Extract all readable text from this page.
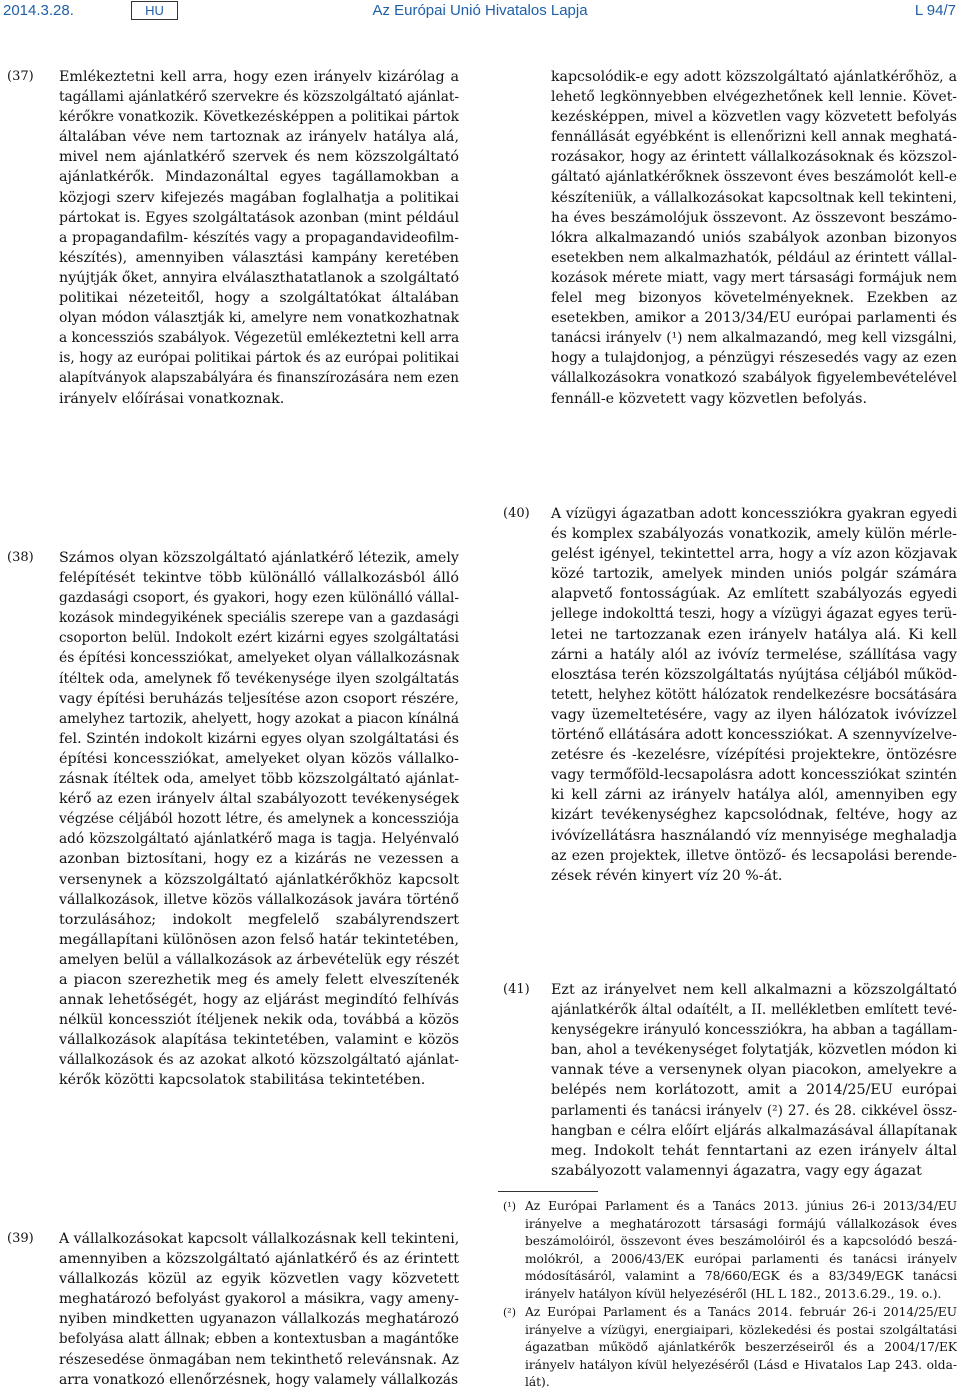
2014.3.28.	HU	Az Európai Unió Hivatalos Lapja	L 94/7
(37) Emlékeztetni kell arra, hogy ezen irányelv kizárólag a
tagállami ajánlatkérő szervekre és közszolgáltató ajánlat-
kérőkre vonatkozik. Következésképpen a politikai pártok
általában véve nem tartoznak az irányelv hatálya alá,
mivel nem ajánlatkérő szervek és nem közszolgáltató
ajánlatkérők. Mindazonáltal egyes tagállamokban a
közjogi szerv kifejezés magában foglalhatja a politikai
pártokat is. Egyes szolgáltatások azonban (mint például
a propagandafilm- készítés vagy a propagandavideofilm-
készítés), amennyiben választási kampány keretében
nyújtják őket, annyira elválaszthatatlanok a szolgáltató
politikai nézeteitől, hogy a szolgáltatókat általában
olyan módon választják ki, amelyre nem vonatkozhatnak
a koncessziós szabályok. Végezetül emlékeztetni kell arra
is, hogy az európai politikai pártok és az európai politikai
alapítványok alapszabályára és finanszírozására nem ezen
irányelv előírásai vonatkoznak.
(38) Számos olyan közszolgáltató ajánlatkérő létezik, amely
felépítését tekintve több különálló vállalkozásból álló
gazdasági csoport, és gyakori, hogy ezen különálló vállal-
kozások mindegyikének speciális szerepe van a gazdasági
csoporton belül. Indokolt ezért kizárni egyes szolgáltatási
és építési koncessziókat, amelyeket olyan vállalkozásnak
ítéltek oda, amelynek fő tevékenysége ilyen szolgáltatás
vagy építési beruházás teljesítése azon csoport részére,
amelyhez tartozik, ahelyett, hogy azokat a piacon kínálná
fel. Szintén indokolt kizárni egyes olyan szolgáltatási és
építési koncessziókat, amelyeket olyan közös vállalko-
zásnak ítéltek oda, amelyet több közszolgáltató ajánlat-
kérő az ezen irányelv által szabályozott tevékenységek
végzése céljából hozott létre, és amelynek a koncessziója
adó közszolgáltató ajánlatkérő maga is tagja. Helyénvaló
azonban biztosítani, hogy ez a kizárás ne vezessen a
versenynek a közszolgáltató ajánlatkérőkhöz kapcsolt
vállalkozások, illetve közös vállalkozások javára történő
torzulásához; indokolt megfelelő szabályrendszert
megállapítani különösen azon felső határ tekintetében,
amelyen belül a vállalkozások az árbevételük egy részét
a piacon szerezhetik meg és amely felett elveszítenék
annak lehetőségét, hogy az eljárást megindító felhívás
nélkül koncessziót ítéljenek nekik oda, továbbá a közös
vállalkozások alapítása tekintetében, valamint e közös
vállalkozások és az azokat alkotó közszolgáltató ajánlat-
kérők közötti kapcsolatok stabilitása tekintetében.
(39) A vállalkozásokat kapcsolt vállalkozásnak kell tekinteni,
amennyiben a közszolgáltató ajánlatkérő és az érintett
vállalkozás közül az egyik közvetlen vagy közvetett
meghatározó befolyást gyakorol a másikra, vagy ameny-
nyiben mindketten ugyanazon vállalkozás meghatározó
befolyása alatt állnak; ebben a kontextusban a magántőke
részesedése önmagában nem tekinthető relevánsnak. Az
arra vonatkozó ellenőrzésnek, hogy valamely vállalkozás
kapcsolódik-e egy adott közszolgáltató ajánlatkérőhöz, a
lehető legkönnyebben elvégezhetőnek kell lennie. Követ-
kezésképpen, mivel a közvetlen vagy közvetett befolyás
fennállását egyébként is ellenőrizni kell annak meghatá-
rozásakor, hogy az érintett vállalkozásoknak és közszol-
gáltató ajánlatkérőknek összevont éves beszámolót kell-e
készíteniük, a vállalkozásokat kapcsoltnak kell tekinteni,
ha éves beszámolójuk összevont. Az összevont beszámo-
lókra alkalmazandó uniós szabályok azonban bizonyos
esetekben nem alkalmazhatók, például az érintett vállal-
kozások mérete miatt, vagy mert társasági formájuk nem
felel meg bizonyos követelményeknek. Ezekben az
esetekben, amikor a 2013/34/EU európai parlamenti és
tanácsi irányelv (¹) nem alkalmazandó, meg kell vizsgálni,
hogy a tulajdonjog, a pénzügyi részesedés vagy az ezen
vállalkozásokra vonatkozó szabályok figyelembevételével
fennáll-e közvetett vagy közvetlen befolyás.
(40) A vízügyi ágazatban adott koncessziókra gyakran egyedi
és komplex szabályozás vonatkozik, amely külön mérle-
gelést igényel, tekintettel arra, hogy a víz azon közjavak
közé tartozik, amelyek minden uniós polgár számára
alapvető fontosságúak. Az említett szabályozás egyedi
jellege indokolttá teszi, hogy a vízügyi ágazat egyes terü-
letei ne tartozzanak ezen irányelv hatálya alá. Ki kell
zárni a hatály alól az ivóvíz termelése, szállítása vagy
elosztása terén közszolgáltatás nyújtása céljából működ-
tetett, helyhez kötött hálózatok rendelkezésre bocsátására
vagy üzemeltetésére, vagy az ilyen hálózatok ivóvízzel
történő ellátására adott koncessziókat. A szennyvízelve-
zetésre és -kezelésre, vízépítési projektekre, öntözésre
vagy termőföld-lecsapolásra adott koncessziókat szintén
ki kell zárni az irányelv hatálya alól, amennyiben egy
kizárt tevékenységhez kapcsolódnak, feltéve, hogy az
ivóvízellátásra használandó víz mennyisége meghaladja
az ezen projektek, illetve öntöző- és lecsapolási berende-
zések révén kinyert víz 20 %-át.
(41) Ezt az irányelvet nem kell alkalmazni a közszolgáltató
ajánlatkérők által odaítélt, a II. mellékletben említett tevé-
kenységekre irányuló koncessziókra, ha abban a tagállam-
ban, ahol a tevékenységet folytatják, közvetlen módon ki
vannak téve a versenynek olyan piacokon, amelyekre a
belépés nem korlátozott, amit a 2014/25/EU európai
parlamenti és tanácsi irányelv (²) 27. és 28. cikkével össz-
hangban e célra előírt eljárás alkalmazásával állapítanak
meg. Indokolt tehát fenntartani az ezen irányelv által
szabályozott valamennyi ágazatra, vagy egy ágazat
(¹) Az Európai Parlament és a Tanács 2013. június 26-i 2013/34/EU
irányelve a meghatározott társasági formájú vállalkozások éves
beszámolóiról, összevont éves beszámolóiról és a kapcsolódó beszá-
molókról, a 2006/43/EK európai parlamenti és tanácsi irányelv
módosításáról, valamint a 78/660/EGK és a 83/349/EGK tanácsi
irányelv hatályon kívül helyezéséről (HL L 182., 2013.6.29., 19. o.).
(²) Az Európai Parlament és a Tanács 2014. február 26-i 2014/25/EU
irányelve a vízügyi, energiaipari, közlekedési és postai szolgáltatási
ágazatban működő ajánlatkérők beszerzéseiről és a 2004/17/EK
irányelv hatályon kívül helyezéséről (Lásd e Hivatalos Lap 243. olda-
lát).
